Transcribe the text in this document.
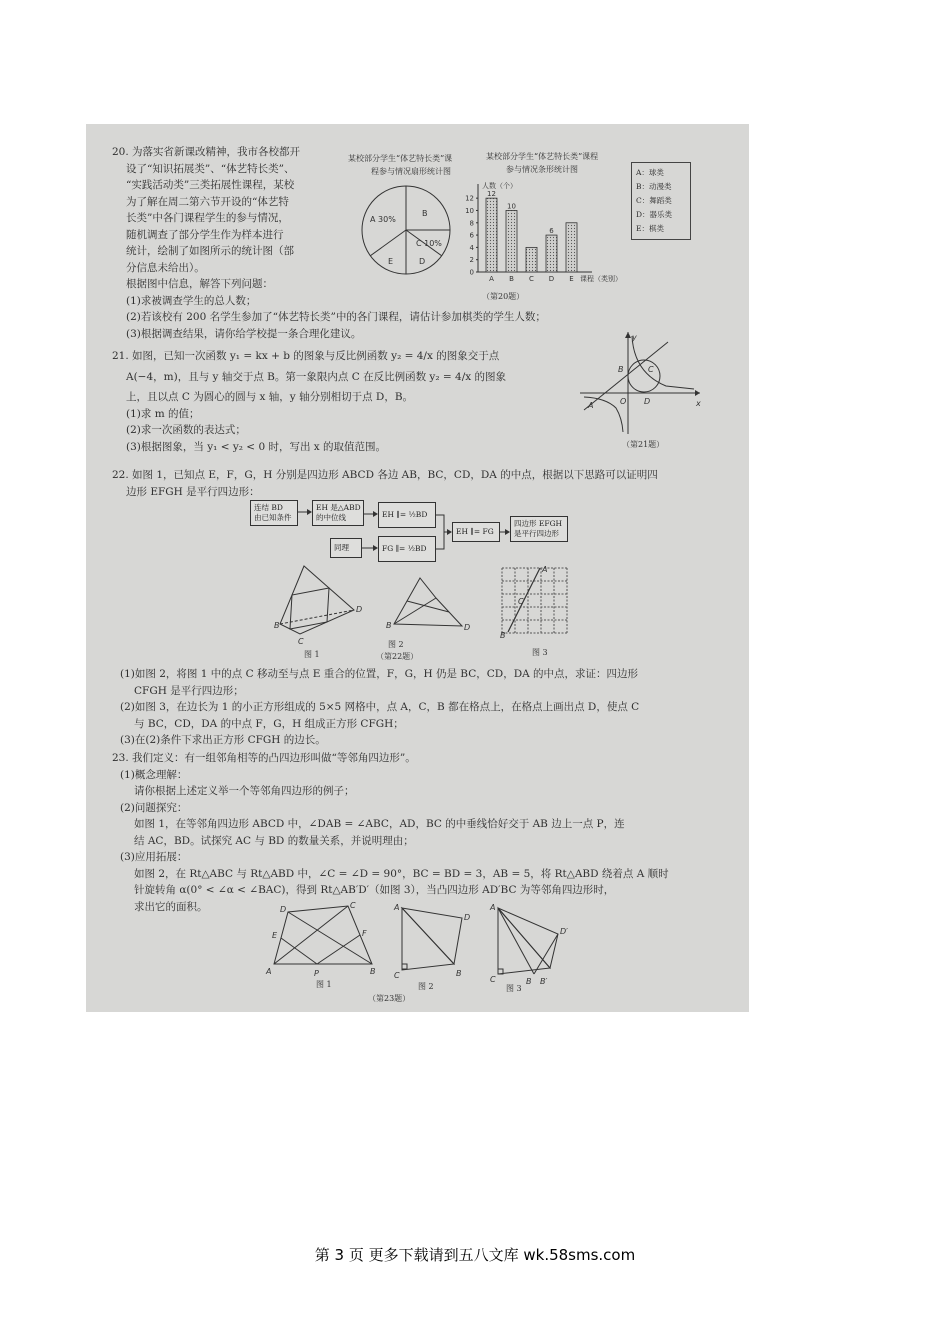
20. 为落实省新课改精神，我市各校都开
设了“知识拓展类”、“体艺特长类”、
“实践活动类”三类拓展性课程，某校
为了解在周二第六节开设的“体艺特
长类”中各门课程学生的参与情况，
随机调查了部分学生作为样本进行
统计，绘制了如图所示的统计图（部
分信息未给出）。
根据图中信息，解答下列问题：
(1)求被调查学生的总人数；
(2)若该校有 200 名学生参加了“体艺特长类”中的各门课程，请估计参加棋类的学生人数；
(3)根据调查结果，请你给学校提一条合理化建议。
某校部分学生“体艺特长类”课
程参与情况扇形统计图
A 30%
B
C 10%
D
E
某校部分学生“体艺特长类”课程
参与情况条形统计图
人数（个）
0
2
4
6
8
10
12
A
12
B
10
C D
6
E 课程（类别）
（第20题）
A：球类
B：动漫类
C：舞蹈类
D：器乐类
E：棋类
21. 如图，已知一次函数 y₁ = kx + b 的图象与反比例函数 y₂ = 4/x 的图象交于点
A(−4，m)，且与 y 轴交于点 B。第一象限内点 C 在反比例函数 y₂ = 4/x 的图象
上，且以点 C 为圆心的圆与 x 轴，y 轴分别相切于点 D，B。
(1)求 m 的值；
(2)求一次函数的表达式；
(3)根据图象，当 y₁ < y₂ < 0 时，写出 x 的取值范围。
y
x
O
A
B	C
D
（第21题）
22. 如图 1，已知点 E，F，G，H 分别是四边形 ABCD 各边 AB，BC，CD，DA 的中点，根据以下思路可以证明四
边形 EFGH 是平行四边形：
连结 BD
由已知条件
EH 是△ABD
的中位线	EH ∥= ½BD
同理	FG ∥= ½BD
EH ∥= FG
四边形 EFGH
是平行四边形
B
D
C
图 1
B	D
图 2
（第22题）
B
A
C
图 3
(1)如图 2，将图 1 中的点 C 移动至与点 E 重合的位置，F，G，H 仍是 BC，CD，DA 的中点，求证：四边形
CFGH 是平行四边形；
(2)如图 3，在边长为 1 的小正方形组成的 5×5 网格中，点 A，C，B 都在格点上，在格点上画出点 D，使点 C
与 BC，CD，DA 的中点 F，G，H 组成正方形 CFGH；
(3)在(2)条件下求出正方形 CFGH 的边长。
23. 我们定义：有一组邻角相等的凸四边形叫做“等邻角四边形”。
(1)概念理解：
请你根据上述定义举一个等邻角四边形的例子；
(2)问题探究：
如图 1，在等邻角四边形 ABCD 中，∠DAB = ∠ABC，AD，BC 的中垂线恰好交于 AB 边上一点 P，连
结 AC，BD。试探究 AC 与 BD 的数量关系，并说明理由；
(3)应用拓展：
如图 2，在 Rt△ABC 与 Rt△ABD 中，∠C = ∠D = 90°，BC = BD = 3，AB = 5，将 Rt△ABD 绕着点 A 顺时
针旋转角 α(0° < ∠α < ∠BAC)，得到 Rt△AB′D′（如图 3），当凸四边形 AD′BC 为等邻角四边形时，
求出它的面积。
A	B
C
D
E	F
P
图 1
A
C	B
D
图 2
A
C	B B′
D′
图 3
（第23题）
第 3 页 更多下载请到五八文库 wk.58sms.com
